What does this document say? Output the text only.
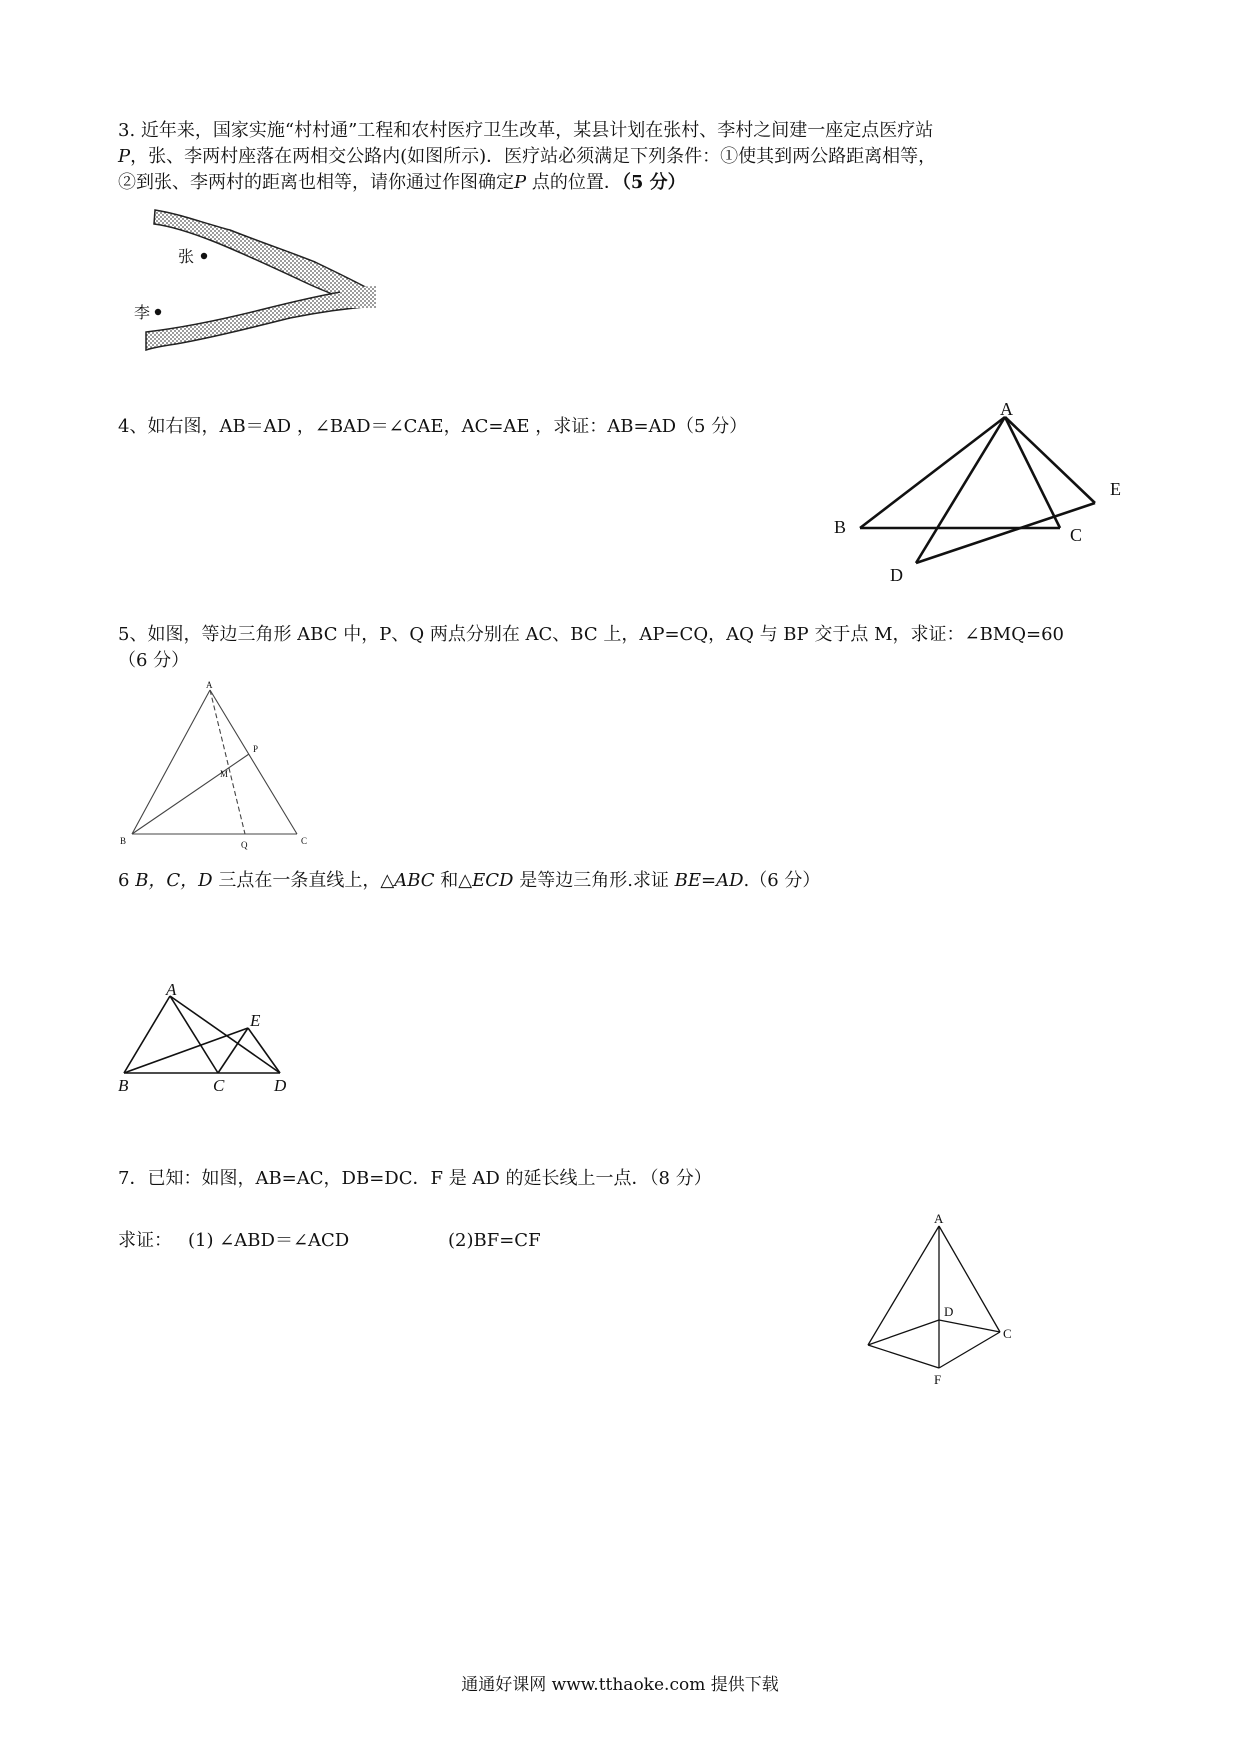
3. 近年来，国家实施“村村通”工程和农村医疗卫生改革，某县计划在张村、李村之间建一座定点医疗站
P，张、李两村座落在两相交公路内(如图所示)．医疗站必须满足下列条件：①使其到两公路距离相等，
②到张、李两村的距离也相等，请你通过作图确定P 点的位置．（5 分）
张
李
4、如右图，AB＝AD ，∠BAD＝∠CAE，AC=AE ，求证：AB=AD（5 分）
A
B	C
D
E
5、如图，等边三角形 ABC 中，P、Q 两点分别在 AC、BC 上，AP=CQ，AQ 与 BP 交于点 M，求证：∠BMQ=60
（6 分）
A
P
M
B	Q	C
6 B，C，D 三点在一条直线上，△ABC 和△ECD 是等边三角形.求证 BE=AD.（6 分）
A
E
B	C	D
7．已知：如图，AB=AC，DB=DC．F 是 AD 的延长线上一点．（8 分）
求证： (1) ∠ABD＝∠ACD	(2)BF=CF
A
D
C
F
通通好课网 www.tthaoke.com 提供下载
